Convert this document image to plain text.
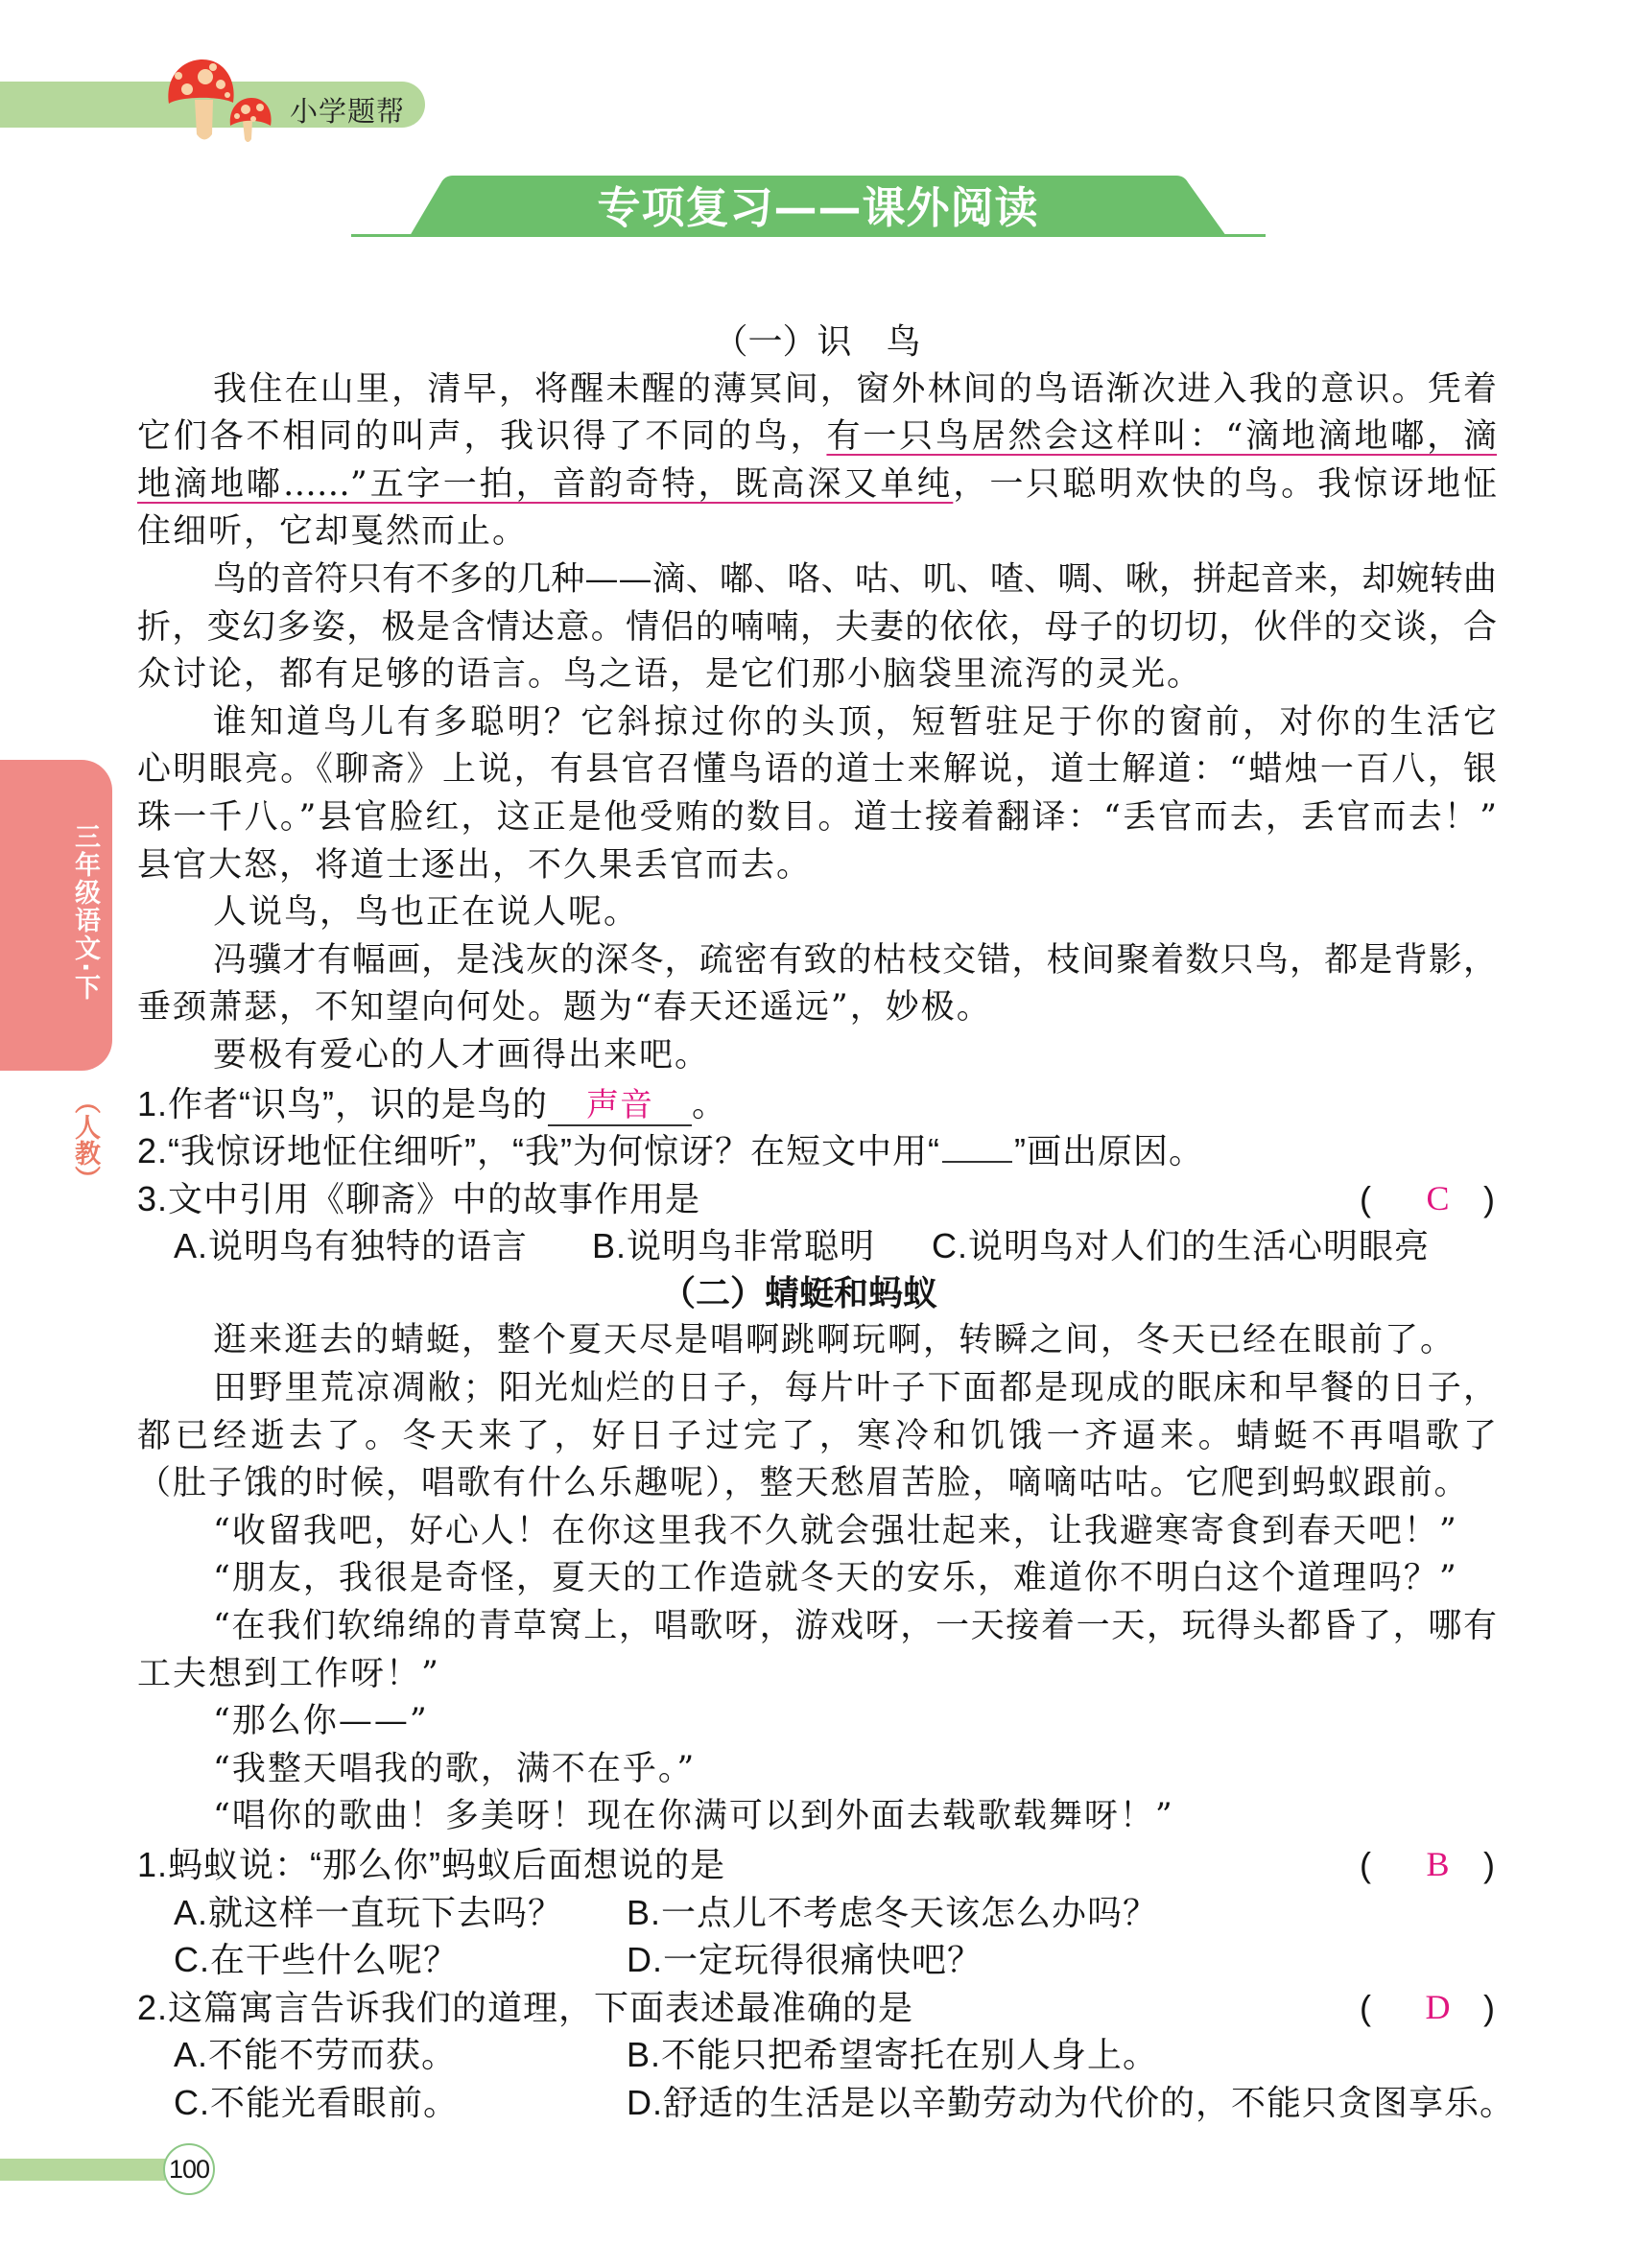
小学题帮
专项复习——课外阅读
三年级语文·下
（人教）
（一）识　鸟
我住在山里，清早，将醒未醒的薄冥间，窗外林间的鸟语渐次进入我的意识。凭着
它们各不相同的叫声，我识得了不同的鸟，有一只鸟居然会这样叫：“滴地滴地嘟，滴
地滴地嘟……”五字一拍，音韵奇特，既高深又单纯，一只聪明欢快的鸟。我惊讶地怔
住细听，它却戛然而止。
鸟的音符只有不多的几种——滴、嘟、咯、咕、叽、喳、啁、啾，拼起音来，却婉转曲
折，变幻多姿，极是含情达意。情侣的喃喃，夫妻的依依，母子的切切，伙伴的交谈，合
众讨论，都有足够的语言。鸟之语，是它们那小脑袋里流泻的灵光。
谁知道鸟儿有多聪明？它斜掠过你的头顶，短暂驻足于你的窗前，对你的生活它
心明眼亮。《聊斋》上说，有县官召懂鸟语的道士来解说，道士解道：“蜡烛一百八，银
珠一千八。”县官脸红，这正是他受贿的数目。道士接着翻译：“丢官而去，丢官而去！”
县官大怒，将道士逐出，不久果丢官而去。
人说鸟，鸟也正在说人呢。
冯骥才有幅画，是浅灰的深冬，疏密有致的枯枝交错，枝间聚着数只鸟，都是背影，
垂颈萧瑟，不知望向何处。题为“春天还遥远”，妙极。
要极有爱心的人才画得出来吧。
1.作者“识鸟”，识的是鸟的 声音 。
2.“我惊讶地怔住细听”，“我”为何惊讶？在短文中用“ ”画出原因。
3.文中引用《聊斋》中的故事作用是	( C )
A.说明鸟有独特的语言 B.说明鸟非常聪明 C.说明鸟对人们的生活心明眼亮
（二）蜻蜓和蚂蚁
逛来逛去的蜻蜓，整个夏天尽是唱啊跳啊玩啊，转瞬之间，冬天已经在眼前了。
田野里荒凉凋敝；阳光灿烂的日子，每片叶子下面都是现成的眠床和早餐的日子，
都已经逝去了。冬天来了，好日子过完了，寒冷和饥饿一齐逼来。蜻蜓不再唱歌了
（肚子饿的时候，唱歌有什么乐趣呢），整天愁眉苦脸，嘀嘀咕咕。它爬到蚂蚁跟前。
“收留我吧，好心人！在你这里我不久就会强壮起来，让我避寒寄食到春天吧！”
“朋友，我很是奇怪，夏天的工作造就冬天的安乐，难道你不明白这个道理吗？”
“在我们软绵绵的青草窝上，唱歌呀，游戏呀，一天接着一天，玩得头都昏了，哪有
工夫想到工作呀！”
“那么你——”
“我整天唱我的歌，满不在乎。”
“唱你的歌曲！多美呀！现在你满可以到外面去载歌载舞呀！”
1.蚂蚁说：“那么你”蚂蚁后面想说的是	( B )
A.就这样一直玩下去吗？ B.一点儿不考虑冬天该怎么办吗？
C.在干些什么呢？	D.一定玩得很痛快吧？
2.这篇寓言告诉我们的道理，下面表述最准确的是	( D )
A.不能不劳而获。	B.不能只把希望寄托在别人身上。
C.不能光看眼前。	D.舒适的生活是以辛勤劳动为代价的，不能只贪图享乐。
100
